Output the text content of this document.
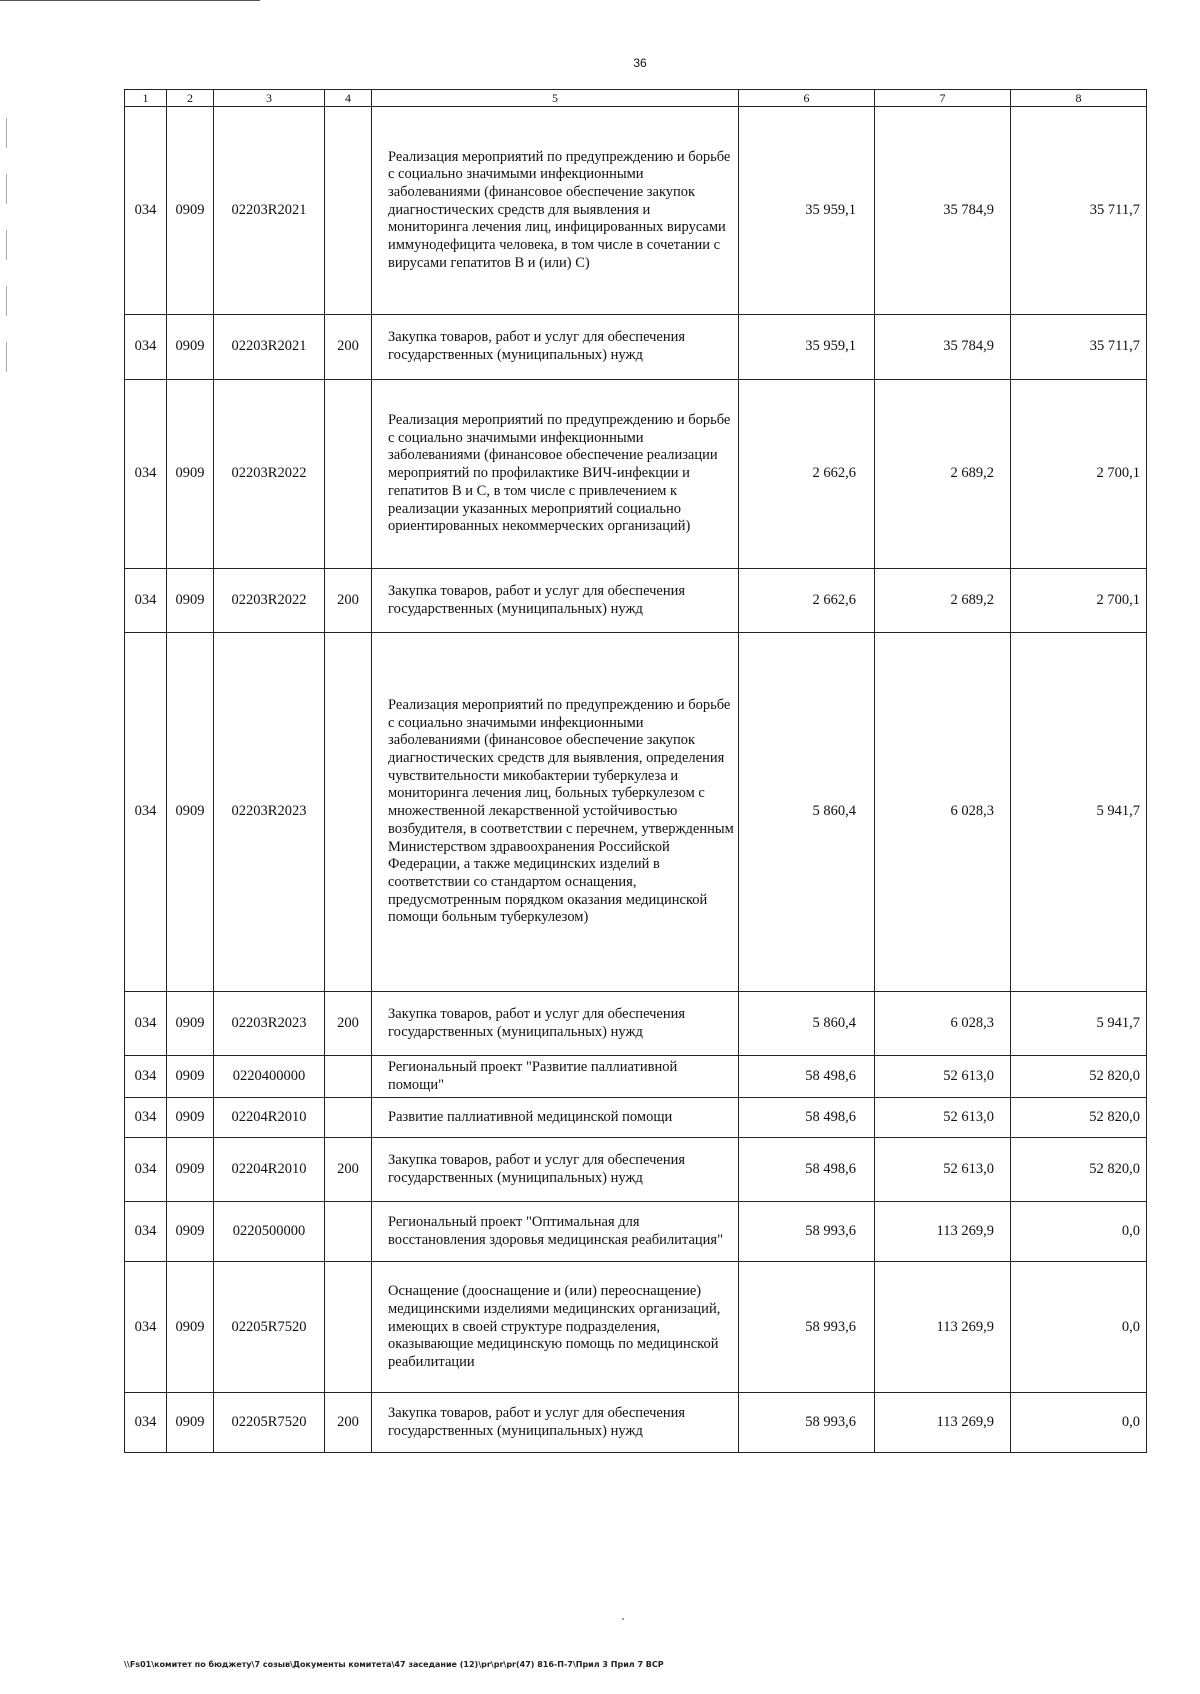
36
1	2	3	4	5	6	7	8
034	0909	02203R2021		Реализация мероприятий по предупреждению и борьбе с социально значимыми инфекционными заболеваниями (финансовое обеспечение закупок диагностических средств для выявления и мониторинга лечения лиц, инфицированных вирусами иммунодефицита человека, в том числе в сочетании с вирусами гепатитов В и (или) С)	35 959,1	35 784,9	35 711,7
034	0909	02203R2021	200	Закупка товаров, работ и услуг для обеспечения государственных (муниципальных) нужд	35 959,1	35 784,9	35 711,7
034	0909	02203R2022		Реализация мероприятий по предупреждению и борьбе с социально значимыми инфекционными заболеваниями (финансовое обеспечение реализации мероприятий по профилактике ВИЧ-инфекции и гепатитов В и С, в том числе с привлечением к реализации указанных мероприятий социально ориентированных некоммерческих организаций)	2 662,6	2 689,2	2 700,1
034	0909	02203R2022	200	Закупка товаров, работ и услуг для обеспечения государственных (муниципальных) нужд	2 662,6	2 689,2	2 700,1
034	0909	02203R2023		Реализация мероприятий по предупреждению и борьбе с социально значимыми инфекционными заболеваниями (финансовое обеспечение закупок диагностических средств для выявления, определения чувствительности микобактерии туберкулеза и мониторинга лечения лиц, больных туберкулезом с множественной лекарственной устойчивостью возбудителя, в соответствии с перечнем, утвержденным Министерством здравоохранения Российской Федерации, а также медицинских изделий в соответствии со стандартом оснащения, предусмотренным порядком оказания медицинской помощи больным туберкулезом)	5 860,4	6 028,3	5 941,7
034	0909	02203R2023	200	Закупка товаров, работ и услуг для обеспечения государственных (муниципальных) нужд	5 860,4	6 028,3	5 941,7
034	0909	0220400000		Региональный проект "Развитие паллиативной помощи"	58 498,6	52 613,0	52 820,0
034	0909	02204R2010		Развитие паллиативной медицинской помощи	58 498,6	52 613,0	52 820,0
034	0909	02204R2010	200	Закупка товаров, работ и услуг для обеспечения государственных (муниципальных) нужд	58 498,6	52 613,0	52 820,0
034	0909	0220500000		Региональный проект "Оптимальная для восстановления здоровья медицинская реабилитация"	58 993,6	113 269,9	0,0
034	0909	02205R7520		Оснащение (дооснащение и (или) переоснащение) медицинскими изделиями медицинских организаций, имеющих в своей структуре подразделения, оказывающие медицинскую помощь по медицинской реабилитации	58 993,6	113 269,9	0,0
034	0909	02205R7520	200	Закупка товаров, работ и услуг для обеспечения государственных (муниципальных) нужд	58 993,6	113 269,9	0,0
\\Fs01\комитет по бюджету\7 созыв\Документы комитета\47 заседание (12)\pr\pr\pr(47) 816-П-7\Прил 3 Прил 7 ВСР
